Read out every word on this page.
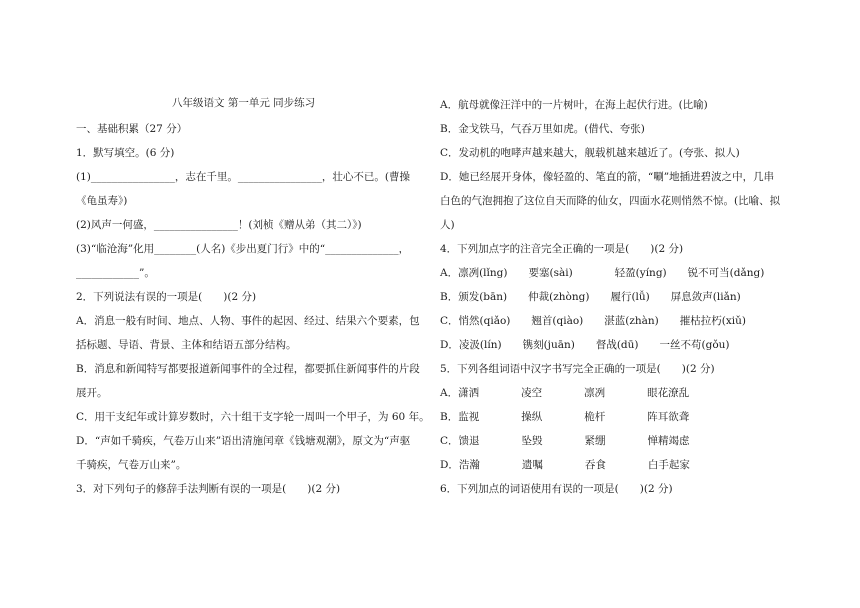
八年级语文 第一单元 同步练习
一、基础积累（27 分）
1．默写填空。(6 分)
(1)________________，志在千里。________________，壮心不已。(曹操
《龟虽寿》)
(2)风声一何盛，________________！(刘桢《赠从弟（其二）》)
(3)“临沧海”化用________(人名)《步出夏门行》中的“______________，
____________”。
2．下列说法有误的一项是(　　)(2 分)
A．消息一般有时间、地点、人物、事件的起因、经过、结果六个要素，包
括标题、导语、背景、主体和结语五部分结构。
B．消息和新闻特写都要报道新闻事件的全过程，都要抓住新闻事件的片段
展开。
C．用干支纪年或计算岁数时，六十组干支字轮一周叫一个甲子，为 60 年。
D．“声如千骑疾，气卷万山来”语出清施闰章《钱塘观潮》，原文为“声驱
千骑疾，气卷万山来”。
3．对下列句子的修辞手法判断有误的一项是(　　)(2 分)
A．航母就像汪洋中的一片树叶，在海上起伏行进。(比喻)
B．金戈铁马，气吞万里如虎。(借代、夸张)
C．发动机的咆哮声越来越大，舰载机越来越近了。(夸张、拟人)
D．她已经展开身体，像轻盈的、笔直的箭，“唰”地插进碧波之中，几串
白色的气泡拥抱了这位自天而降的仙女，四面水花则悄然不惊。(比喻、拟
人)
4．下列加点字的注音完全正确的一项是(　　)(2 分)
A．凛冽(lǐng)　　要塞(sài)　　　　轻盈(yíng)　　锐不可当(dǎng)
B．颁发(bān)　　仲裁(zhòng)　　履行(lǚ)　　屏息敛声(liǎn)
C．悄然(qiǎo)　　翘首(qiào)　　湛蓝(zhàn)　　摧枯拉朽(xiǔ)
D．凌汲(lín)　　镌刻(juān)　　督战(dū)　　一丝不苟(gǒu)
5．下列各组词语中汉字书写完全正确的一项是(　　)(2 分)
A．潇洒　　　　凌空　　　　凛冽　　　　眼花潦乱
B．监视　　　　操纵　　　　桅杆　　　　阵耳欲聋
C．馈退　　　　坠毁　　　　紧绷　　　　惮精竭虑
D．浩瀚　　　　遗嘱　　　　吞食　　　　白手起家
6．下列加点的词语使用有误的一项是(　　)(2 分)
